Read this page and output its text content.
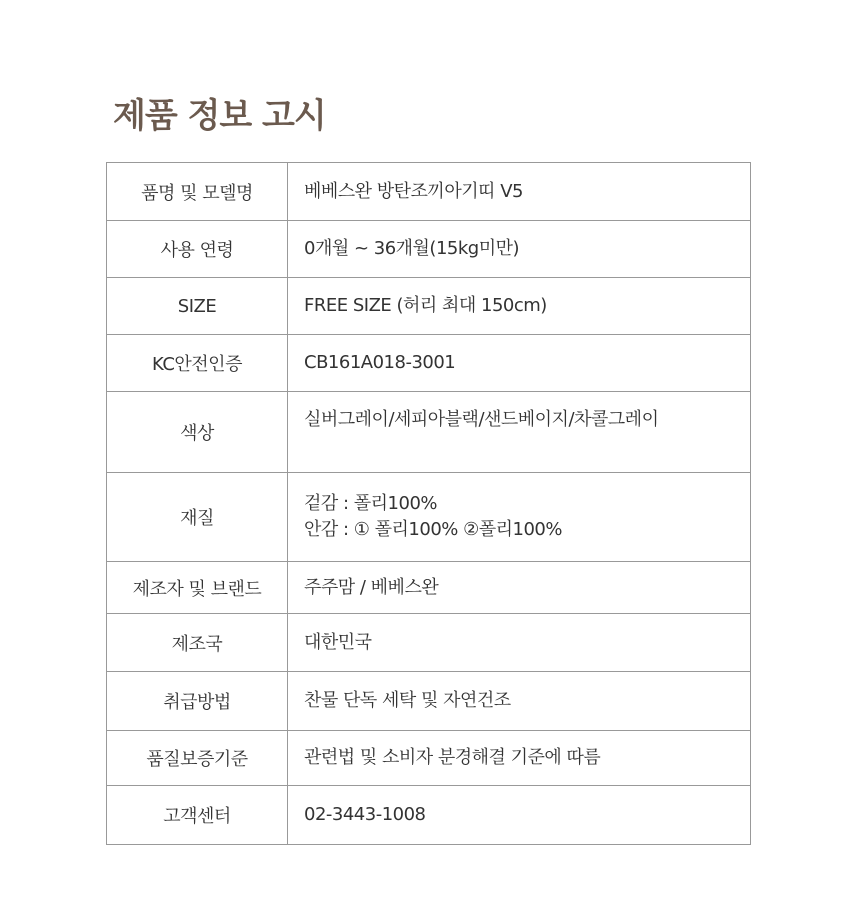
제품 정보 고시
품명 및 모델명	베베스완 방탄조끼아기띠 V5

사용 연령	0개월 ~ 36개월(15kg미만)

SIZE	FREE SIZE (허리 최대 150cm)

KC안전인증	CB161A018-3001

색상	실버그레이/세피아블랙/샌드베이지/차콜그레이

재질	겉감 : 폴리100%
안감 : ① 폴리100% ②폴리100%

제조자 및 브랜드	주주맘 / 베베스완

제조국	대한민국

취급방법	찬물 단독 세탁 및 자연건조

품질보증기준	관련법 및 소비자 분경해결 기준에 따름

고객센터	02-3443-1008
